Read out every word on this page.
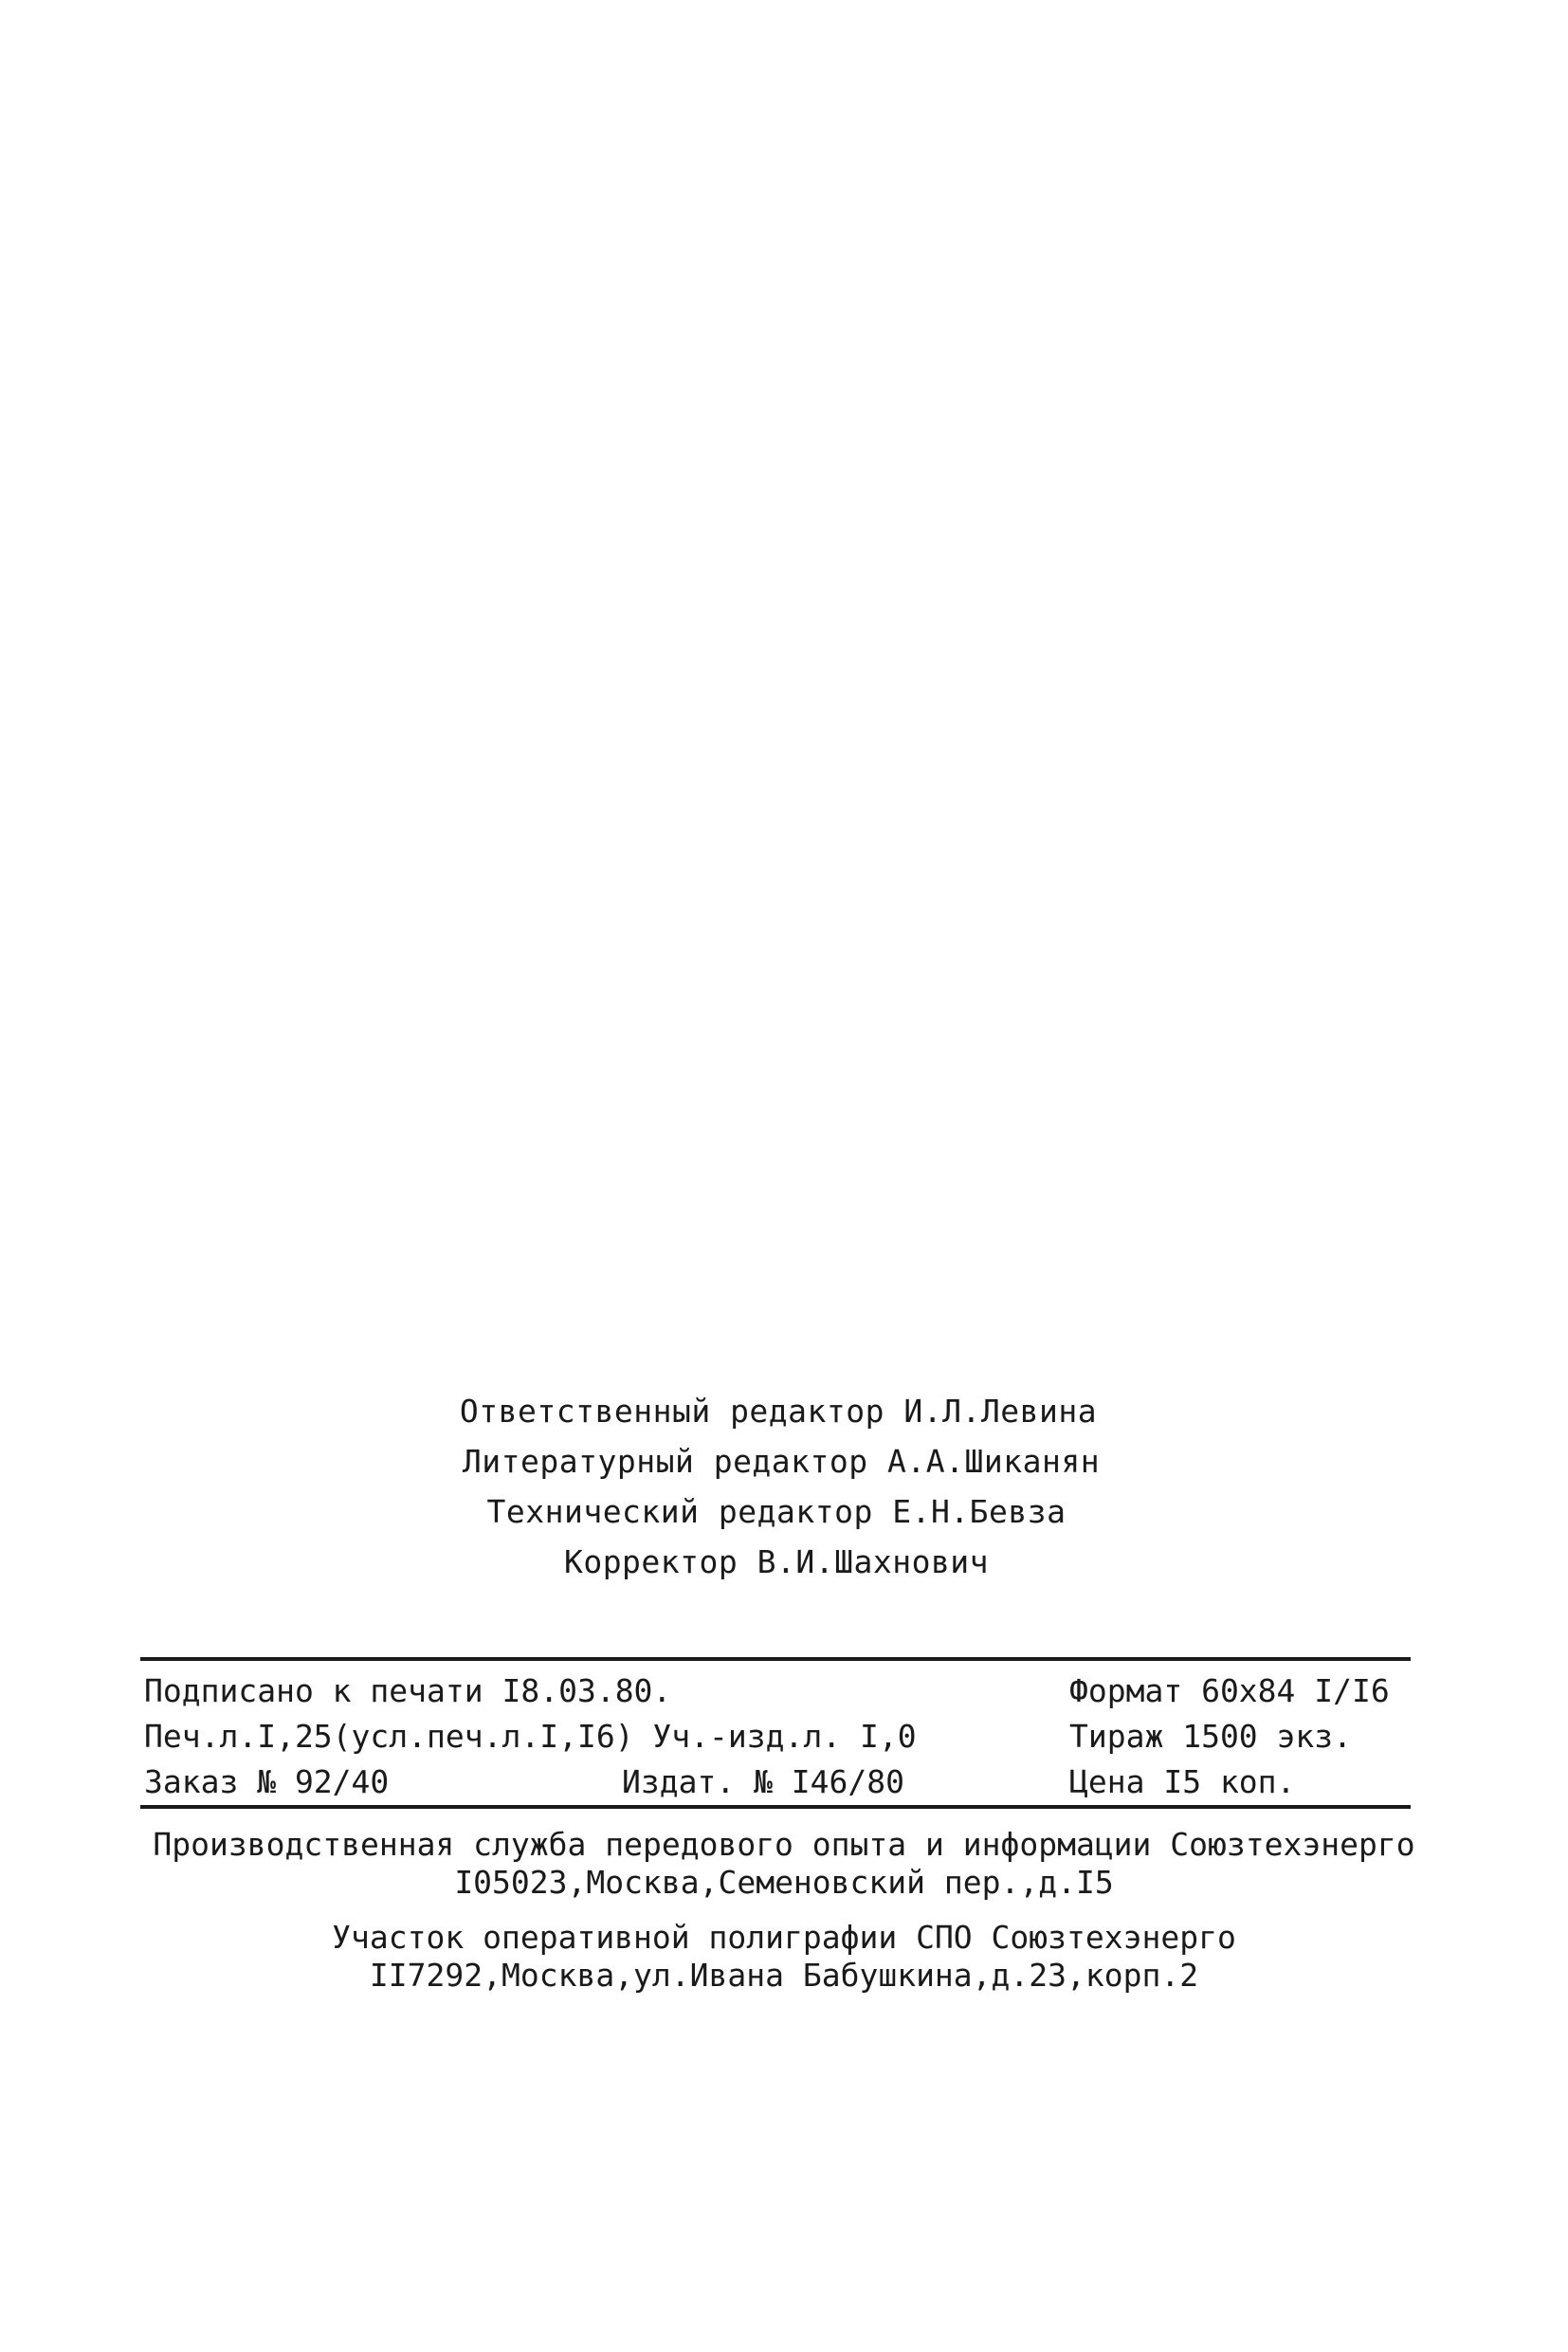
Ответственный редактор И.Л.Левина
Литературный редактор А.А.Шиканян
Технический редактор Е.Н.Бевза
Корректор В.И.Шахнович
Подписано к печати I8.03.80.	Формат 60х84 I/I6
Печ.л.I,25(усл.печ.л.I,I6) Уч.-изд.л. I,0	Тираж 1500 экз.
Заказ № 92/40	Издат. № I46/80	Цена I5 коп.
Производственная служба передового опыта и информации Союзтехэнерго
I05023,Москва,Семеновский пер.,д.I5
Участок оперативной полиграфии СПО Союзтехэнерго
II7292,Москва,ул.Ивана Бабушкина,д.23,корп.2
